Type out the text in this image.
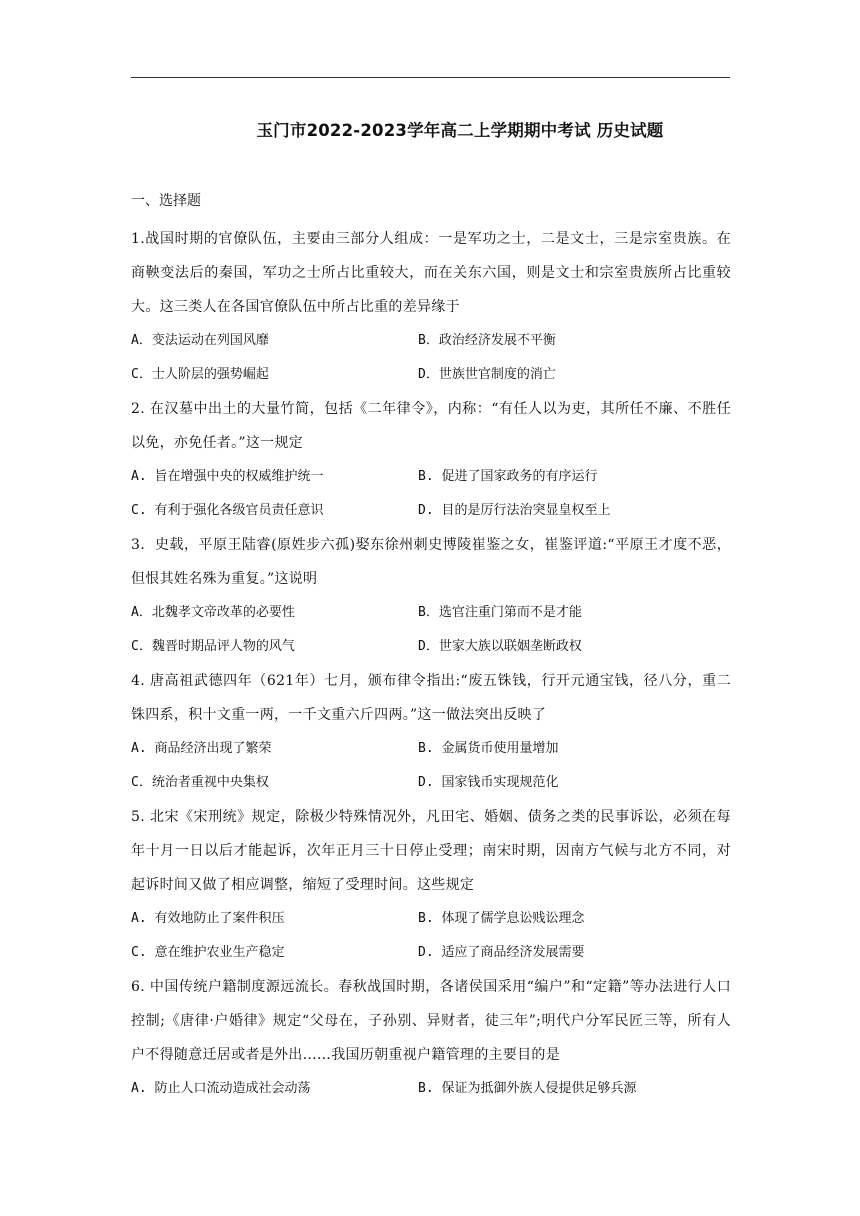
玉门市2022-2023学年高二上学期期中考试 历史试题
一、选择题
1.战国时期的官僚队伍，主要由三部分人组成：一是军功之士，二是文士，三是宗室贵族。在商鞅变法后的秦国，军功之士所占比重较大，而在关东六国，则是文士和宗室贵族所占比重较大。这三类人在各国官僚队伍中所占比重的差异缘于
A．变法运动在列国风靡	B．政治经济发展不平衡
C．士人阶层的强势崛起	D．世族世官制度的消亡
2. 在汉墓中出土的大量竹简，包括《二年律令》，内称：“有任人以为吏，其所任不廉、不胜任以免，亦免任者。”这一规定
A. 旨在增强中央的权威维护统一	B. 促进了国家政务的有序运行
C. 有利于强化各级官员责任意识	D. 目的是厉行法治突显皇权至上
3．史载，平原王陆睿(原姓步六孤)娶东徐州刺史博陵崔鉴之女，崔鉴评道:“平原王才度不恶，但恨其姓名殊为重复。”这说明
A．北魏孝文帝改革的必要性	B．选官注重门第而不是才能
C．魏晋时期品评人物的风气	D．世家大族以联姻垄断政权
4. 唐高祖武德四年（621年）七月，颁布律令指出:“废五铢钱，行开元通宝钱，径八分，重二铢四系，积十文重一两，一千文重六斤四两。”这一做法突出反映了
A. 商品经济出现了繁荣	B. 金属货币使用量增加
C．统治者重视中央集权	D. 国家钱币实现规范化
5. 北宋《宋刑统》规定，除极少特殊情况外，凡田宅、婚姻、债务之类的民事诉讼，必须在每年十月一日以后才能起诉，次年正月三十日停止受理；南宋时期，因南方气候与北方不同，对起诉时间又做了相应调整，缩短了受理时间。这些规定
A. 有效地防止了案件积压	B. 体现了儒学息讼贱讼理念
C. 意在维护农业生产稳定	D. 适应了商品经济发展需要
6. 中国传统户籍制度源远流长。春秋战国时期，各诸侯国采用“编户”和“定籍”等办法进行人口控制;《唐律·户婚律》规定“父母在，子孙别、异财者，徒三年”;明代户分军民匠三等，所有人户不得随意迁居或者是外出……我国历朝重视户籍管理的主要目的是
A. 防止人口流动造成社会动荡	B. 保证为抵御外族人侵提供足够兵源
